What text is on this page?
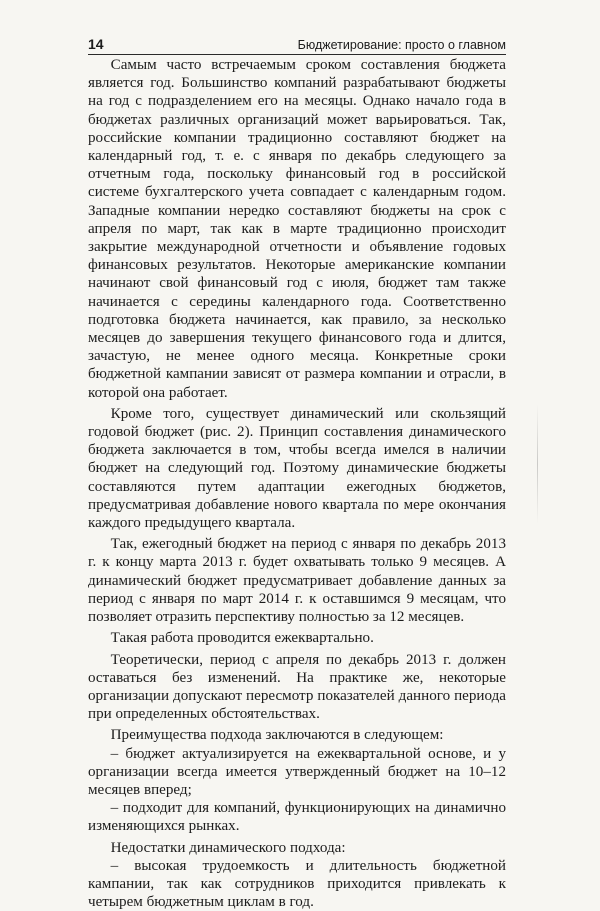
14	Бюджетирование: просто о главном

Самым часто встречаемым сроком составления бюджета является год. Большинство компаний разрабатывают бюджеты на год с подразделением его на месяцы. Однако начало года в бюджетах различных организаций может варьироваться. Так, российские компании традиционно составляют бюджет на календарный год, т. е. с января по декабрь следующего за отчетным года, поскольку финансовый год в российской системе бухгалтерского учета совпадает с календарным годом. Западные компании нередко составляют бюджеты на срок с апреля по март, так как в марте традиционно происходит закрытие международной отчетности и объявление годовых финансовых результатов. Некоторые американские компании начинают свой финансовый год с июля, бюджет там также начинается с середины календарного года. Соответственно подготовка бюджета начинается, как правило, за несколько месяцев до завершения текущего финансового года и длится, зачастую, не менее одного месяца. Конкретные сроки бюджетной кампании зависят от размера компании и отрасли, в которой она работает.

Кроме того, существует динамический или скользящий годовой бюджет (рис. 2). Принцип составления динамического бюджета заключается в том, чтобы всегда имелся в наличии бюджет на следующий год. Поэтому динамические бюджеты составляются путем адаптации ежегодных бюджетов, предусматривая добавление нового квартала по мере окончания каждого предыдущего квартала.

Так, ежегодный бюджет на период с января по декабрь 2013 г. к концу марта 2013 г. будет охватывать только 9 месяцев. А динамический бюджет предусматривает добавление данных за период с января по март 2014 г. к оставшимся 9 месяцам, что позволяет отразить перспективу полностью за 12 месяцев.

Такая работа проводится ежеквартально.

Теоретически, период с апреля по декабрь 2013 г. должен оставаться без изменений. На практике же, некоторые организации допускают пересмотр показателей данного периода при определенных обстоятельствах.

Преимущества подхода заключаются в следующем:

– бюджет актуализируется на ежеквартальной основе, и у организации всегда имеется утвержденный бюджет на 10–12 месяцев вперед;

– подходит для компаний, функционирующих на динамично изменяющихся рынках.

Недостатки динамического подхода:

– высокая трудоемкость и длительность бюджетной кампании, так как сотрудников приходится привлекать к четырем бюджетным циклам в год.
